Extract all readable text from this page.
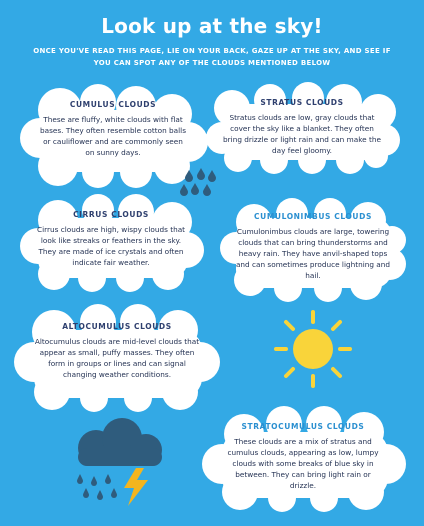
Look up at the sky!
ONCE YOU'VE READ THIS PAGE, LIE ON YOUR BACK, GAZE UP AT THE SKY, AND SEE IF YOU CAN SPOT ANY OF THE CLOUDS MENTIONED BELOW
CUMULUS CLOUDS
These are fluffy, white clouds with flat bases. They often resemble cotton balls or cauliflower and are commonly seen on sunny days.
STRATUS CLOUDS
Stratus clouds are low, gray clouds that cover the sky like a blanket. They often bring drizzle or light rain and can make the day feel gloomy.
CIRRUS CLOUDS
Cirrus clouds are high, wispy clouds that look like streaks or feathers in the sky. They are made of ice crystals and often indicate fair weather.
CUMULONIMBUS CLOUDS
Cumulonimbus clouds are large, towering clouds that can bring thunderstorms and heavy rain. They have anvil-shaped tops and can sometimes produce lightning and hail.
ALTOCUMULUS CLOUDS
Altocumulus clouds are mid-level clouds that appear as small, puffy masses. They often form in groups or lines and can signal changing weather conditions.
STRATOCUMULUS CLOUDS
These clouds are a mix of stratus and cumulus clouds, appearing as low, lumpy clouds with some breaks of blue sky in between. They can bring light rain or drizzle.
